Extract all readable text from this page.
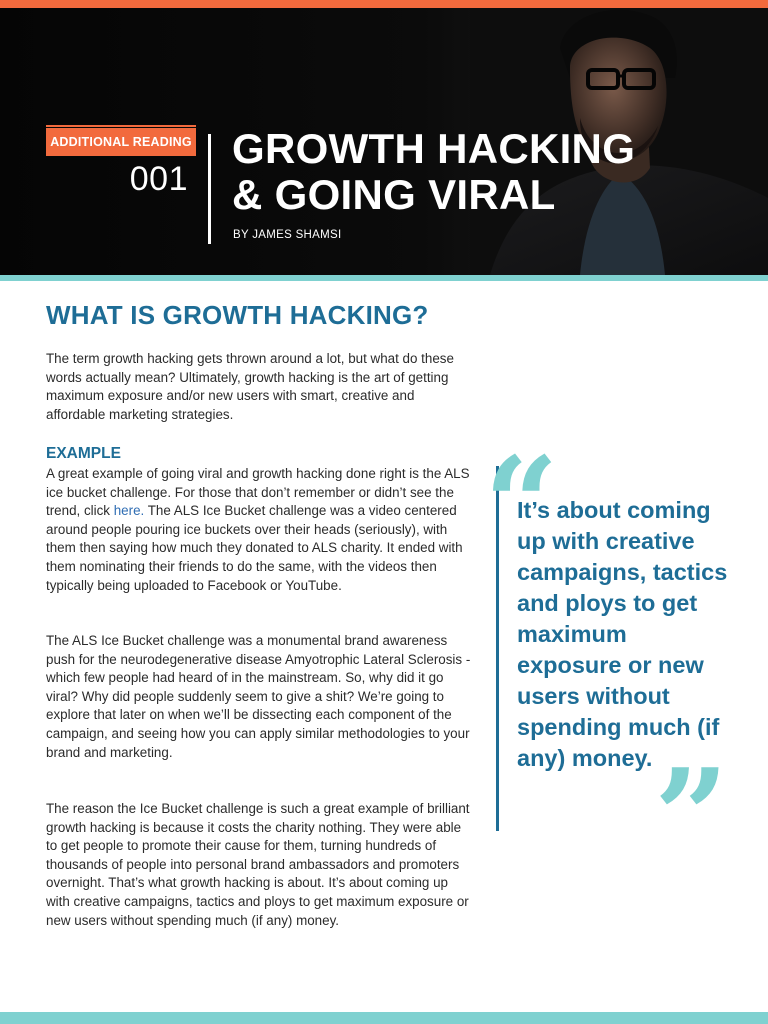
ADDITIONAL READING
001
GROWTH HACKING
& GOING VIRAL
BY JAMES SHAMSI
WHAT IS GROWTH HACKING?

The term growth hacking gets thrown around a lot, but what do these words actually mean? Ultimately, growth hacking is the art of getting maximum exposure and/or new users with smart, creative and affordable marketing strategies.

EXAMPLE

A great example of going viral and growth hacking done right is the ALS ice bucket challenge. For those that don’t remember or didn’t see the trend, click here. The ALS Ice Bucket challenge was a video centered around people pouring ice buckets over their heads (seriously), with them then saying how much they donated to ALS charity. It ended with them nominating their friends to do the same, with the videos then typically being uploaded to Facebook or YouTube.

The ALS Ice Bucket challenge was a monumental brand awareness push for the neurodegenerative disease Amyotrophic Lateral Sclerosis - which few people had heard of in the mainstream. So, why did it go viral? Why did people suddenly seem to give a shit? We’re going to explore that later on when we’ll be dissecting each component of the campaign, and seeing how you can apply similar methodologies to your brand and marketing.

The reason the Ice Bucket challenge is such a great example of brilliant growth hacking is because it costs the charity nothing. They were able to get people to promote their cause for them, turning hundreds of thousands of people into personal brand ambassadors and promoters overnight. That’s what growth hacking is about. It’s about coming up with creative campaigns, tactics and ploys to get maximum exposure or new users without spending much (if any) money.

“
It’s about coming up with creative campaigns, tactics and ploys to get maximum exposure or new users without spending much (if any) money. ”
